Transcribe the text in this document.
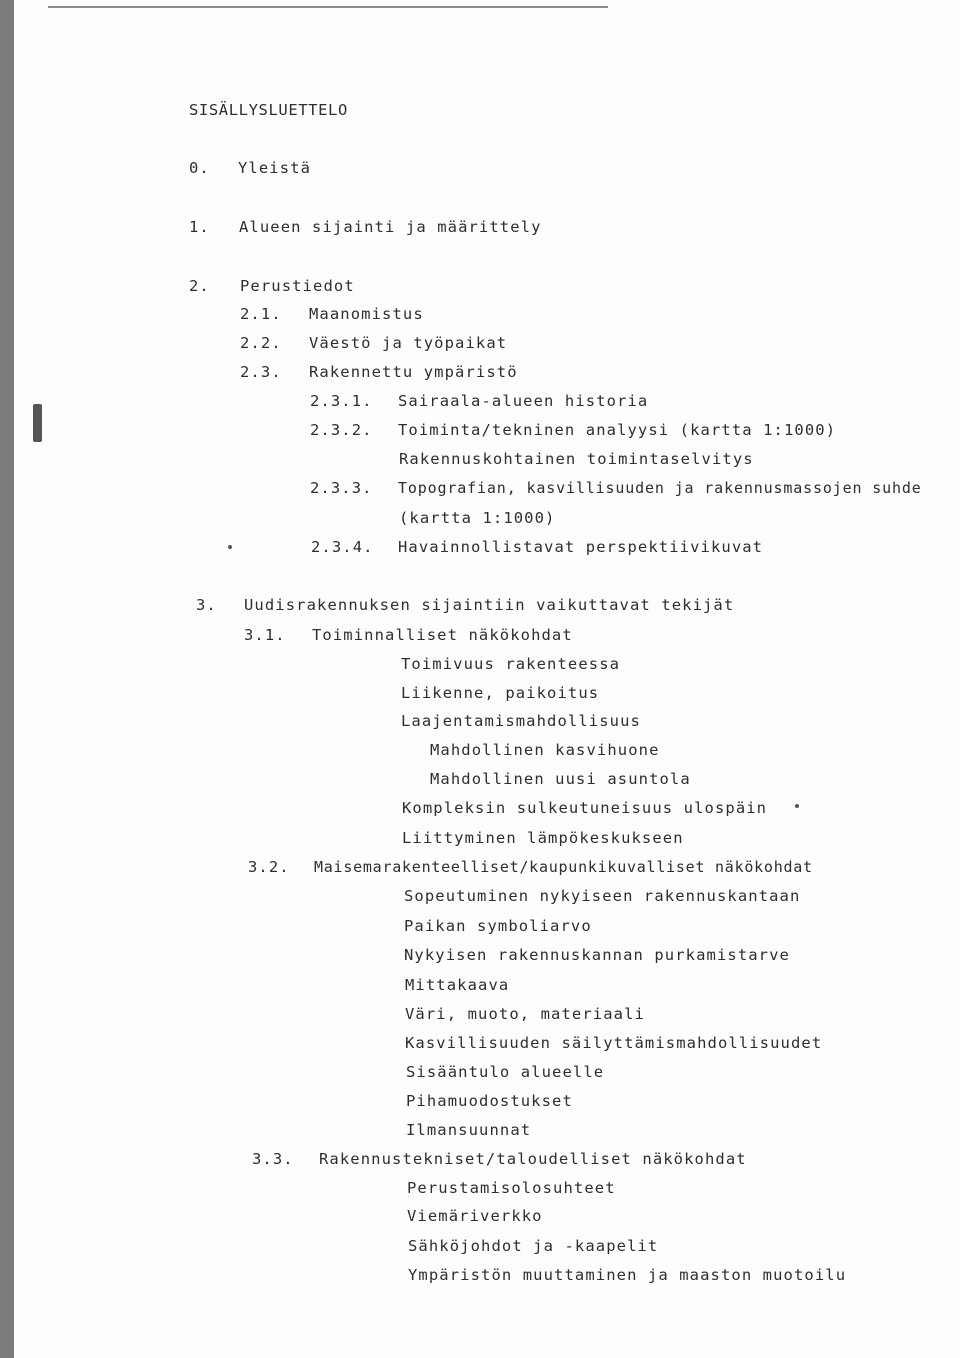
SISÄLLYSLUETTELO
0. Yleistä
1. Alueen sijainti ja määrittely
2. Perustiedot
2.1. Maanomistus
2.2. Väestö ja työpaikat
2.3. Rakennettu ympäristö
2.3.1. Sairaala-alueen historia
2.3.2. Toiminta/tekninen analyysi (kartta 1:1000)
Rakennuskohtainen toimintaselvitys
2.3.3. Topografian, kasvillisuuden ja rakennusmassojen suhde
(kartta 1:1000)
2.3.4. Havainnollistavat perspektiivikuvat
3. Uudisrakennuksen sijaintiin vaikuttavat tekijät
3.1. Toiminnalliset näkökohdat
Toimivuus rakenteessa
Liikenne, paikoitus
Laajentamismahdollisuus
Mahdollinen kasvihuone
Mahdollinen uusi asuntola
Kompleksin sulkeutuneisuus ulospäin
Liittyminen lämpökeskukseen
3.2. Maisemarakenteelliset/kaupunkikuvalliset näkökohdat
Sopeutuminen nykyiseen rakennuskantaan
Paikan symboliarvo
Nykyisen rakennuskannan purkamistarve
Mittakaava
Väri, muoto, materiaali
Kasvillisuuden säilyttämismahdollisuudet
Sisääntulo alueelle
Pihamuodostukset
Ilmansuunnat
3.3. Rakennustekniset/taloudelliset näkökohdat
Perustamisolosuhteet
Viemäriverkko
Sähköjohdot ja -kaapelit
Ympäristön muuttaminen ja maaston muotoilu
